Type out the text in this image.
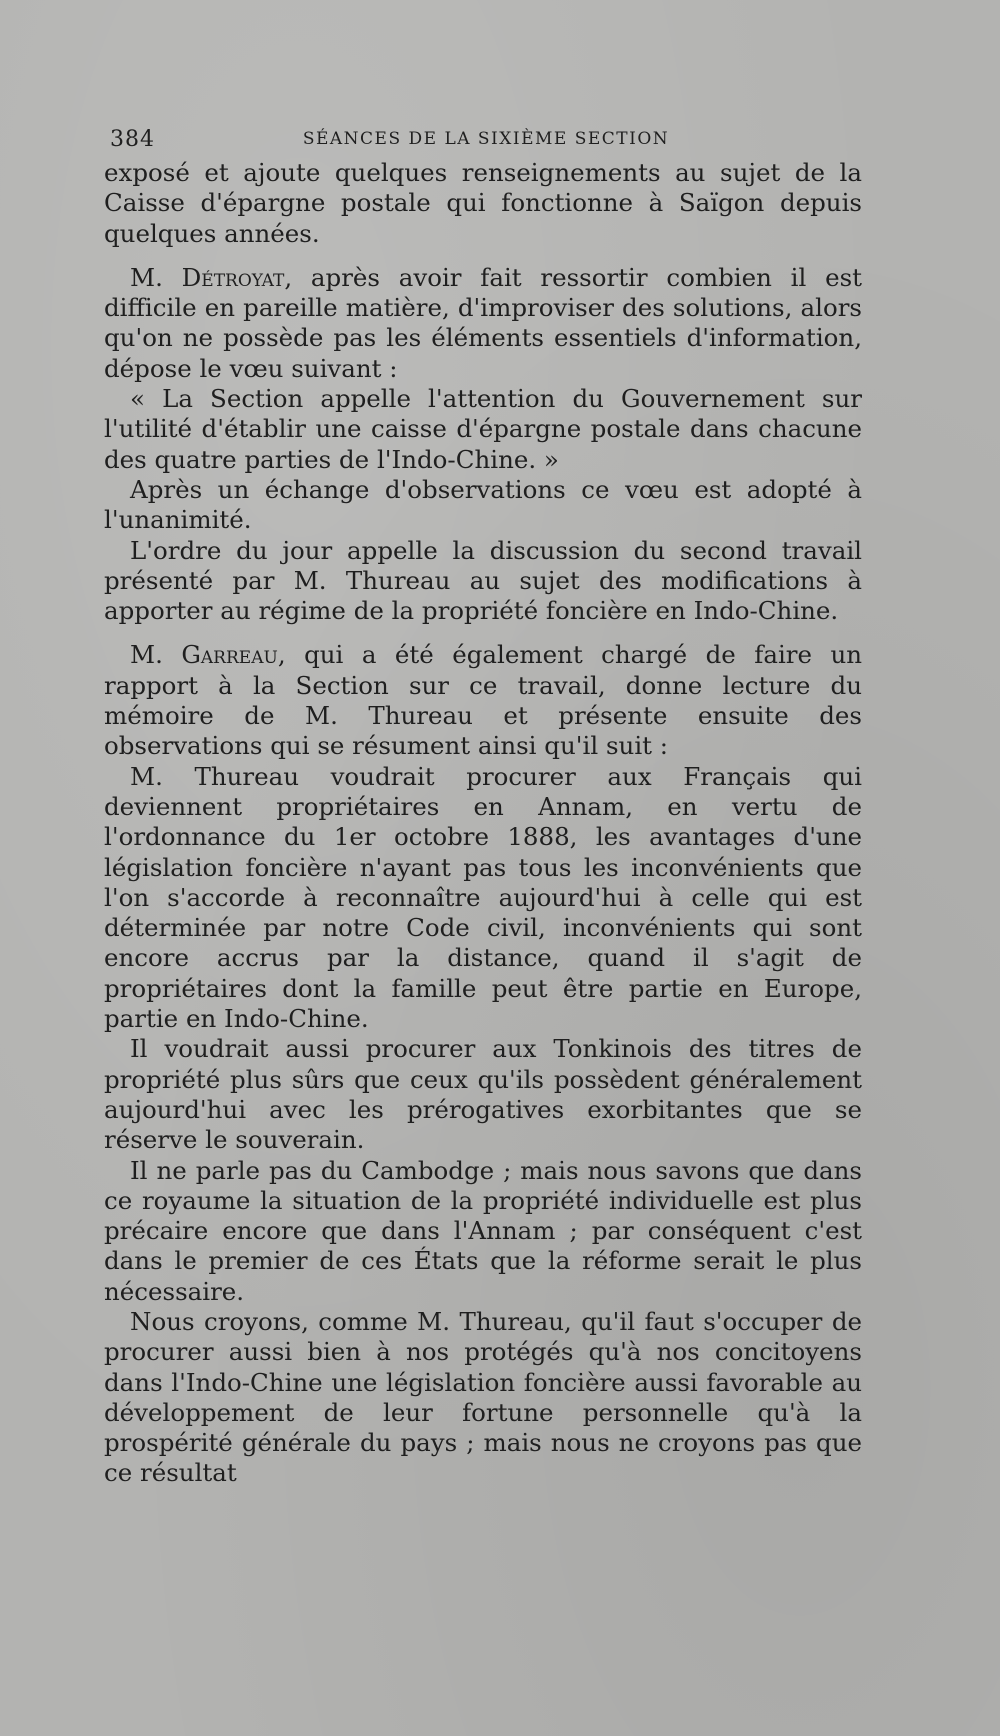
384	SÉANCES DE LA SIXIÈME SECTION

exposé et ajoute quelques renseignements au sujet de la Caisse d'épargne postale qui fonctionne à Saïgon depuis quelques années.

M. Détroyat, après avoir fait ressortir combien il est difficile en pareille matière, d'improviser des solutions, alors qu'on ne possède pas les éléments essentiels d'information, dépose le vœu suivant :

« La Section appelle l'attention du Gouvernement sur l'utilité d'établir une caisse d'épargne postale dans chacune des quatre parties de l'Indo-Chine. »

Après un échange d'observations ce vœu est adopté à l'unanimité.

L'ordre du jour appelle la discussion du second travail présenté par M. Thureau au sujet des modifications à apporter au régime de la propriété foncière en Indo-Chine.

M. Garreau, qui a été également chargé de faire un rapport à la Section sur ce travail, donne lecture du mémoire de M. Thureau et présente ensuite des observations qui se résument ainsi qu'il suit :

M. Thureau voudrait procurer aux Français qui deviennent propriétaires en Annam, en vertu de l'ordonnance du 1er octobre 1888, les avantages d'une législation foncière n'ayant pas tous les inconvénients que l'on s'accorde à reconnaître aujourd'hui à celle qui est déterminée par notre Code civil, inconvénients qui sont encore accrus par la distance, quand il s'agit de propriétaires dont la famille peut être partie en Europe, partie en Indo-Chine.

Il voudrait aussi procurer aux Tonkinois des titres de propriété plus sûrs que ceux qu'ils possèdent généralement aujourd'hui avec les prérogatives exorbitantes que se réserve le souverain.

Il ne parle pas du Cambodge ; mais nous savons que dans ce royaume la situation de la propriété individuelle est plus précaire encore que dans l'Annam ; par conséquent c'est dans le premier de ces États que la réforme serait le plus nécessaire.

Nous croyons, comme M. Thureau, qu'il faut s'occuper de procurer aussi bien à nos protégés qu'à nos concitoyens dans l'Indo-Chine une législation foncière aussi favorable au développement de leur fortune personnelle qu'à la prospérité générale du pays ; mais nous ne croyons pas que ce résultat
